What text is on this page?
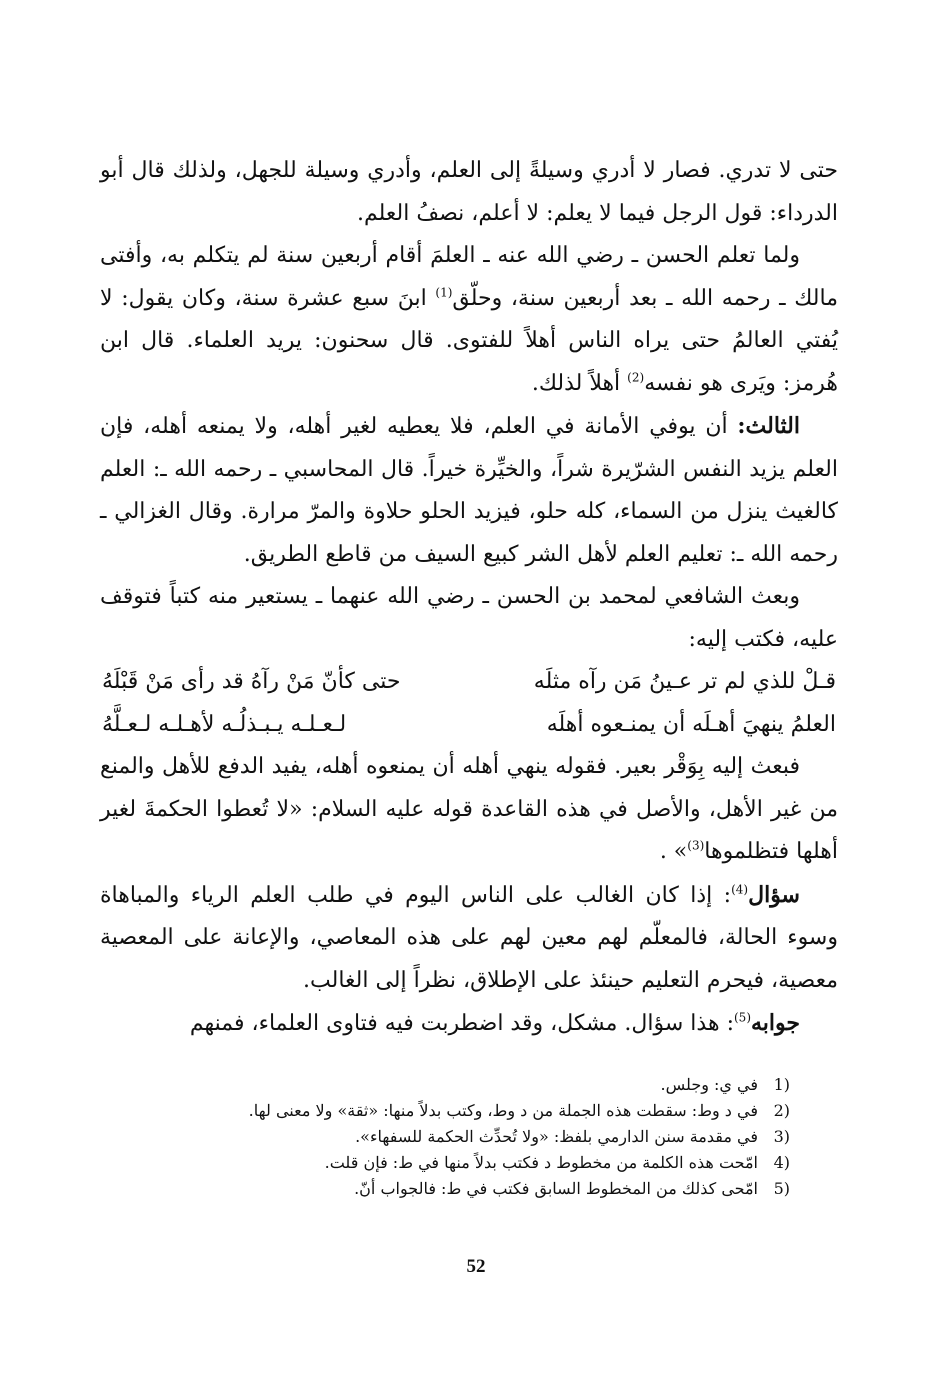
حتى لا تدري. فصار لا أدري وسيلةً إلى العلم، وأدري وسيلة للجهل، ولذلك قال أبو الدرداء: قول الرجل فيما لا يعلم: لا أعلم، نصفُ العلم.

ولما تعلم الحسن ـ رضي الله عنه ـ العلمَ أقام أربعين سنة لم يتكلم به، وأفتى مالك ـ رحمه الله ـ بعد أربعين سنة، وحلّق$^{(1)}$ ابنَ سبع عشرة سنة، وكان يقول: لا يُفتي العالمُ حتى يراه الناس أهلاً للفتوى. قال سحنون: يريد العلماء. قال ابن هُرمز: ويَرى هو نفسه$^{(2)}$ أهلاً لذلك.

الثالث: أن يوفي الأمانة في العلم، فلا يعطيه لغير أهله، ولا يمنعه أهله، فإن العلم يزيد النفس الشرّيرة شراً، والخيِّرة خيراً. قال المحاسبي ـ رحمه الله ـ: العلم كالغيث ينزل من السماء، كله حلو، فيزيد الحلو حلاوة والمرّ مرارة. وقال الغزالي ـ رحمه الله ـ: تعليم العلم لأهل الشر كبيع السيف من قاطع الطريق.

وبعث الشافعي لمحمد بن الحسن ـ رضي الله عنهما ـ يستعير منه كتباً فتوقف عليه، فكتب إليه:

قـلْ للذي لم تر عـينُ مَن رآه مثلَه
حتى كأنّ مَنْ رآهُ قد رأى مَنْ قَبْلَهُ
العلمُ ينهيَ أهـلَه أن يمنـعوه أهلَه
لـعـلـه يـبـذلُـه لأهـلـه لـعـلَّهُ

فبعث إليه بِوَقْر بعير. فقوله ينهي أهله أن يمنعوه أهله، يفيد الدفع للأهل والمنع من غير الأهل، والأصل في هذه القاعدة قوله عليه السلام: «لا تُعطوا الحكمةَ لغير أهلها فتظلموها$^{(3)}$» .

سؤال$^{(4)}$: إذا كان الغالب على الناس اليوم في طلب العلم الرياء والمباهاة وسوء الحالة، فالمعلّم لهم معين لهم على هذه المعاصي، والإعانة على المعصية معصية، فيحرم التعليم حينئذ على الإطلاق، نظراً إلى الغالب.

جوابه$^{(5)}$: هذا سؤال. مشكل، وقد اضطربت فيه فتاوى العلماء، فمنهم

1)
في ي: وجلس.
2)
في د وط: سقطت هذه الجملة من د وط، وكتب بدلاً منها: «ثقة» ولا معنى لها.
3)
في مقدمة سنن الدارمي بلفظ: «ولا تُحدِّث الحكمة للسفهاء».
4)
امّحت هذه الكلمة من مخطوط د فكتب بدلاً منها في ط: فإن قلت.
5)
امّحى كذلك من المخطوط السابق فكتب في ط: فالجواب أنّ.
52
